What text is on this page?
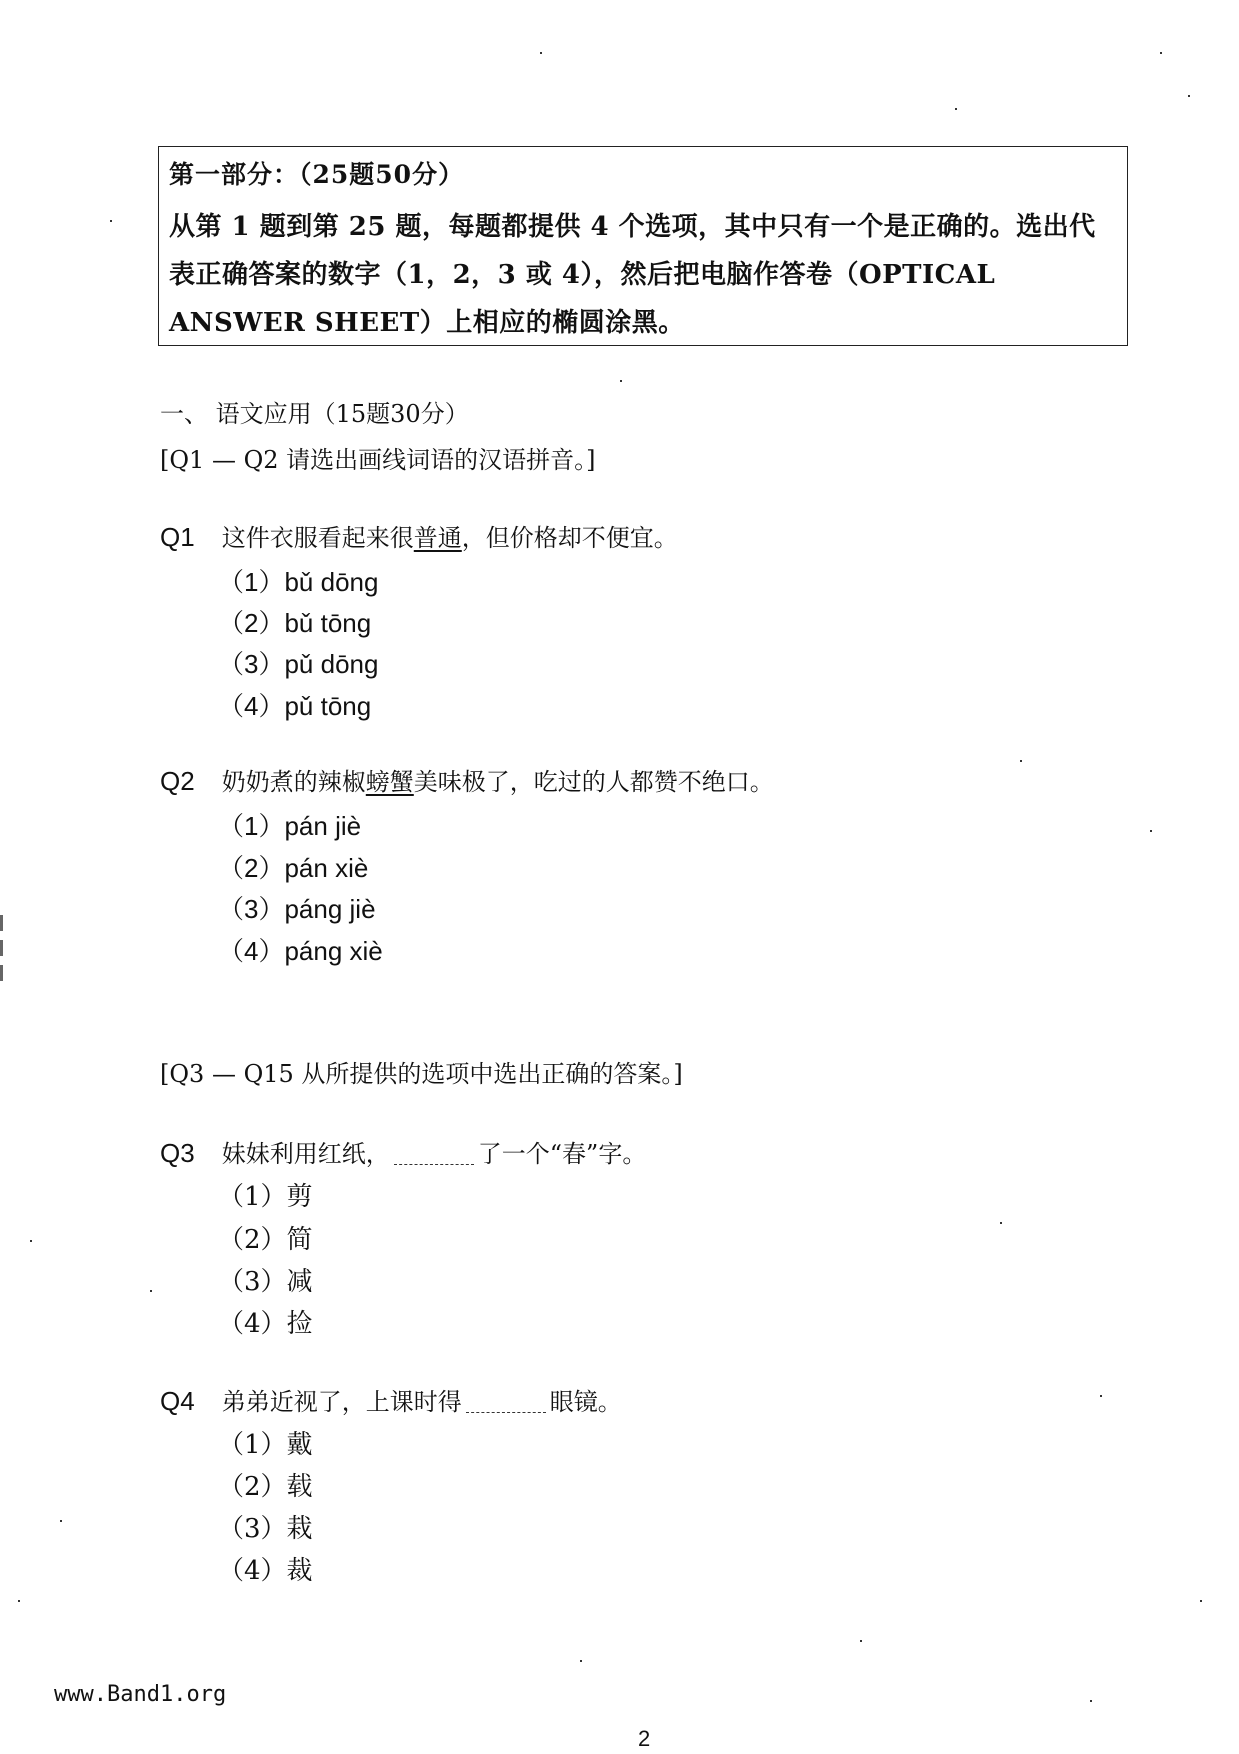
第一部分：（25题50分）
从第 1 题到第 25 题，每题都提供 4 个选项，其中只有一个是正确的。选出代表正确答案的数字（1，2，3 或 4），然后把电脑作答卷（OPTICAL ANSWER SHEET）上相应的椭圆涂黑。
一、 语文应用（15题30分）
[Q1 — Q2 请选出画线词语的汉语拼音。]
Q1 这件衣服看起来很普通，但价格却不便宜。
（1）bǔ dōng
（2）bǔ tōng
（3）pǔ dōng
（4）pǔ tōng
Q2 奶奶煮的辣椒螃蟹美味极了，吃过的人都赞不绝口。
（1）pán jiè
（2）pán xiè
（3）páng jiè
（4）páng xiè
[Q3 — Q15 从所提供的选项中选出正确的答案。]
Q3 妹妹利用红纸，	了一个“春”字。
（1）剪
（2）简
（3）减
（4）捡
Q4 弟弟近视了，上课时得	眼镜。
（1）戴
（2）载
（3）栽
（4）裁
www.Band1.org
2
